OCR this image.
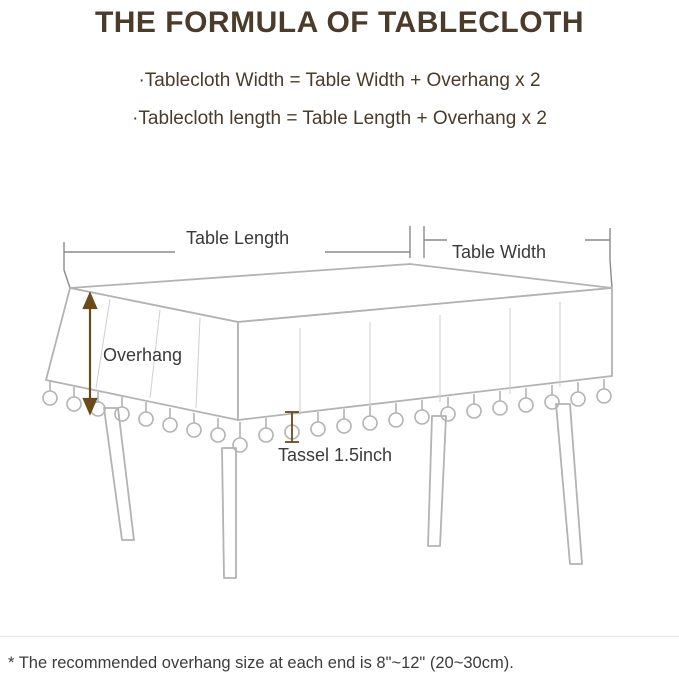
THE FORMULA OF TABLECLOTH
·Tablecloth Width = Table Width + Overhang x 2
·Tablecloth length = Table Length + Overhang x 2
Table Length
Table Width
Overhang
Tassel 1.5inch
* The recommended overhang size at each end is 8"~12" (20~30cm).
